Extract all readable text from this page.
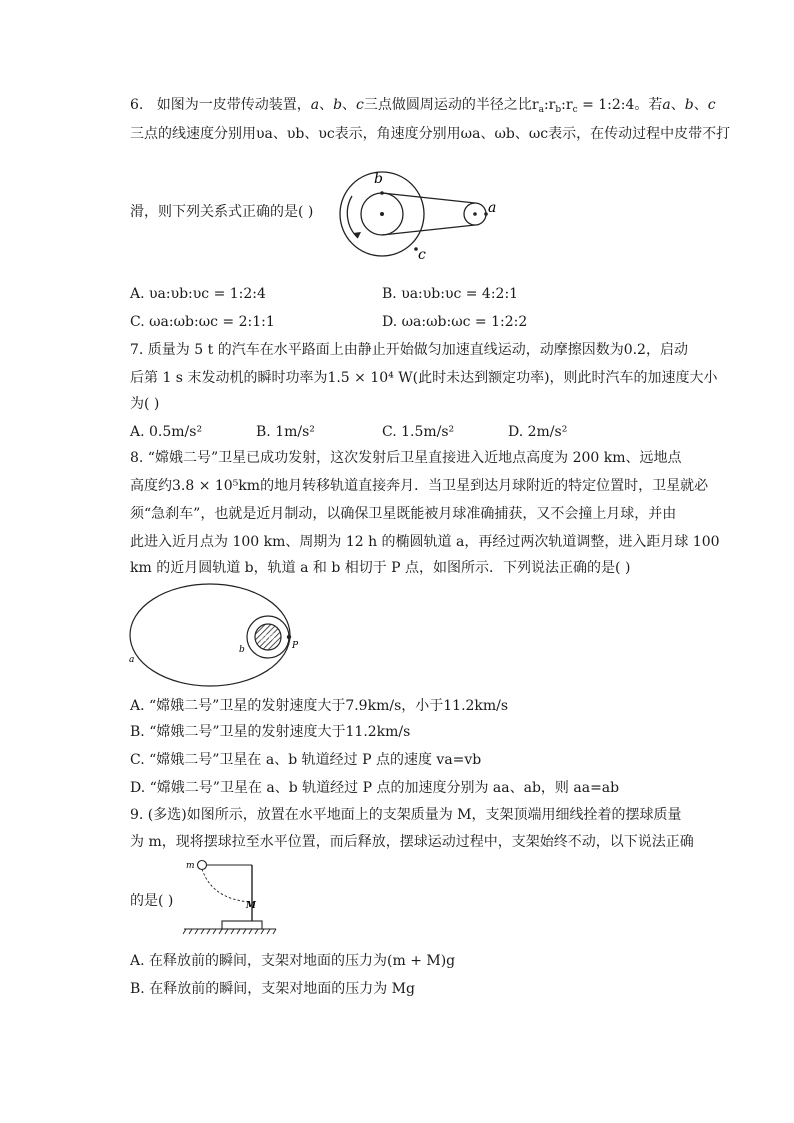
6. 如图为一皮带传动装置，a、b、c三点做圆周运动的半径之比$r_a:r_b:r_c$ = 1:2:4。若a、b、c
三点的线速度分别用υa、υb、υc表示，角速度分别用ωa、ωb、ωc表示，在传动过程中皮带不打
滑，则下列关系式正确的是( )
b
a
c
A. υa:υb:υc = 1:2:4	B. υa:υb:υc = 4:2:1
C. ωa:ωb:ωc = 2:1:1	D. ωa:ωb:ωc = 1:2:2
7. 质量为 5 t 的汽车在水平路面上由静止开始做匀加速直线运动，动摩擦因数为0.2，启动
后第 1 s 末发动机的瞬时功率为1.5 × 10⁴ W(此时未达到额定功率)，则此时汽车的加速度大小
为( )
A. 0.5m/s²	B. 1m/s²	C. 1.5m/s²	D. 2m/s²
8. “嫦娥二号”卫星已成功发射，这次发射后卫星直接进入近地点高度为 200 km、远地点
高度约3.8 × 10⁵km的地月转移轨道直接奔月．当卫星到达月球附近的特定位置时，卫星就必
须“急刹车”，也就是近月制动，以确保卫星既能被月球准确捕获，又不会撞上月球，并由
此进入近月点为 100 km、周期为 12 h 的椭圆轨道 a，再经过两次轨道调整，进入距月球 100
km 的近月圆轨道 b，轨道 a 和 b 相切于 P 点，如图所示．下列说法正确的是( )
月球
P
b
a
A. “嫦娥二号”卫星的发射速度大于7.9km/s，小于11.2km/s
B. “嫦娥二号”卫星的发射速度大于11.2km/s
C. “嫦娥二号”卫星在 a、b 轨道经过 P 点的速度 va=vb
D. “嫦娥二号”卫星在 a、b 轨道经过 P 点的加速度分别为 aa、ab，则 aa=ab
9. (多选)如图所示，放置在水平地面上的支架质量为 M，支架顶端用细线拴着的摆球质量
为 m，现将摆球拉至水平位置，而后释放，摆球运动过程中，支架始终不动，以下说法正确
的是( )
m
M
A. 在释放前的瞬间，支架对地面的压力为(m + M)g
B. 在释放前的瞬间，支架对地面的压力为 Mg
